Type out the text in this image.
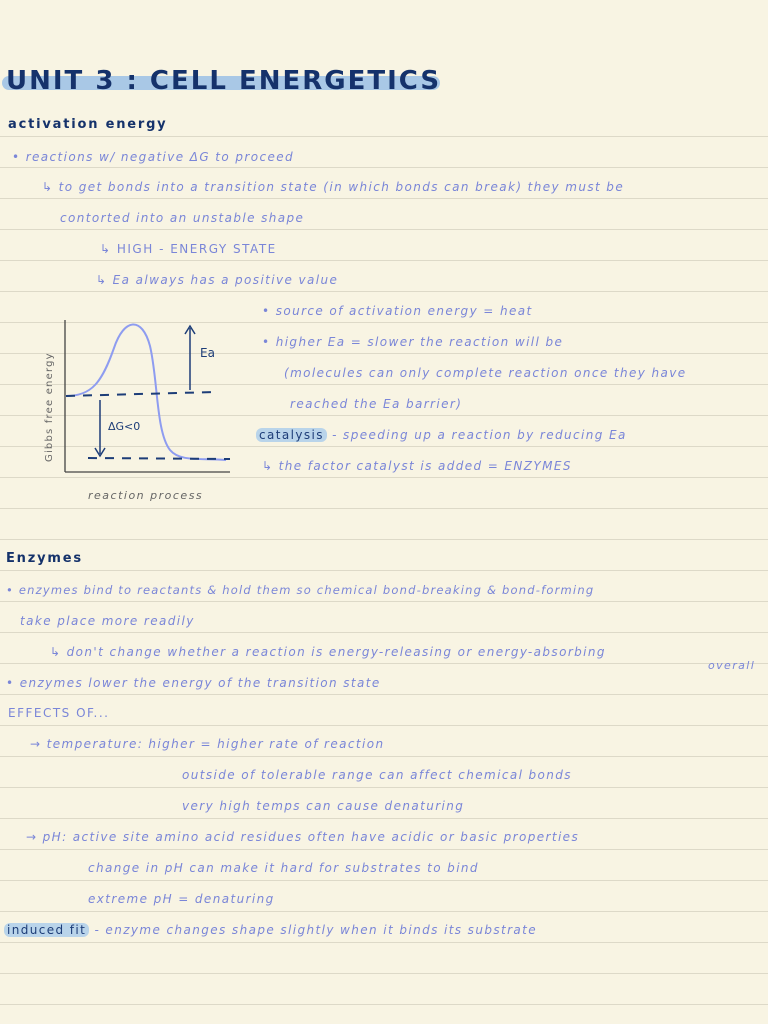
UNIT 3 : CELL ENERGETICS
activation energy
• reactions w/ negative ΔG to proceed
↳ to get bonds into a transition state (in which bonds can break) they must be
contorted into an unstable shape
↳ HIGH - ENERGY STATE
↳ Ea always has a positive value
• source of activation energy = heat
• higher Ea = slower the reaction will be
(molecules can only complete reaction once they have
reached the Ea barrier)
catalysis - speeding up a reaction by reducing Ea
↳ the factor catalyst is added = ENZYMES
Ea
ΔG<0
Gibbs free energy
reaction process
Enzymes
• enzymes bind to reactants & hold them so chemical bond-breaking & bond-forming
take place more readily
↳ don't change whether a reaction is energy-releasing or energy-absorbing
overall
• enzymes lower the energy of the transition state
EFFECTS OF...
→ temperature: higher = higher rate of reaction
outside of tolerable range can affect chemical bonds
very high temps can cause denaturing
→ pH: active site amino acid residues often have acidic or basic properties
change in pH can make it hard for substrates to bind
extreme pH = denaturing
induced fit - enzyme changes shape slightly when it binds its substrate
